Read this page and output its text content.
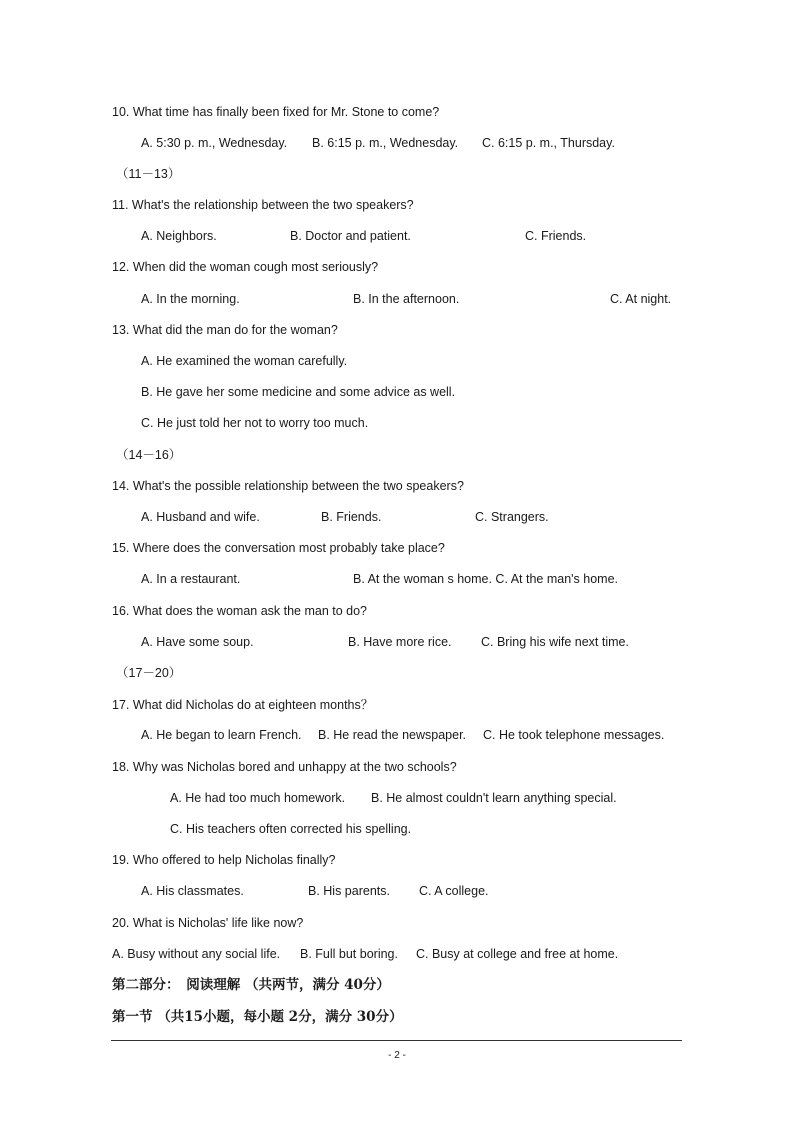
10. What time has finally been fixed for Mr. Stone to come?
A. 5:30 p. m., Wednesday. B. 6:15 p. m., Wednesday. C. 6:15 p. m., Thursday.
（11－13）
11. What's the relationship between the two speakers?
A. Neighbors.	B. Doctor and patient.	C. Friends.
12. When did the woman cough most seriously?
A. In the morning.	B. In the afternoon.	C. At night.
13. What did the man do for the woman?
A. He examined the woman carefully.
B. He gave her some medicine and some advice as well.
C. He just told her not to worry too much.
（14－16）
14. What's the possible relationship between the two speakers?
A. Husband and wife.	B. Friends.	C. Strangers.
15. Where does the conversation most probably take place?
A. In a restaurant.	B. At the woman s home. C. At the man's home.
16. What does the woman ask the man to do?
A. Have some soup.	B. Have more rice. C. Bring his wife next time.
（17－20）
17. What did Nicholas do at eighteen months？
A. He began to learn French. B. He read the newspaper. C. He took telephone messages.
18. Why was Nicholas bored and unhappy at the two schools?
A. He had too much homework. B. He almost couldn't learn anything special.
C. His teachers often corrected his spelling.
19. Who offered to help Nicholas finally?
A. His classmates.	B. His parents. C. A college.
20. What is Nicholas' life like now?
A. Busy without any social life. B. Full but boring. C. Busy at college and free at home.
第二部分：　阅读理解 （共两节，满分 40分）
第一节 （共15小题，每小题 2分，满分 30分）
- 2 -
